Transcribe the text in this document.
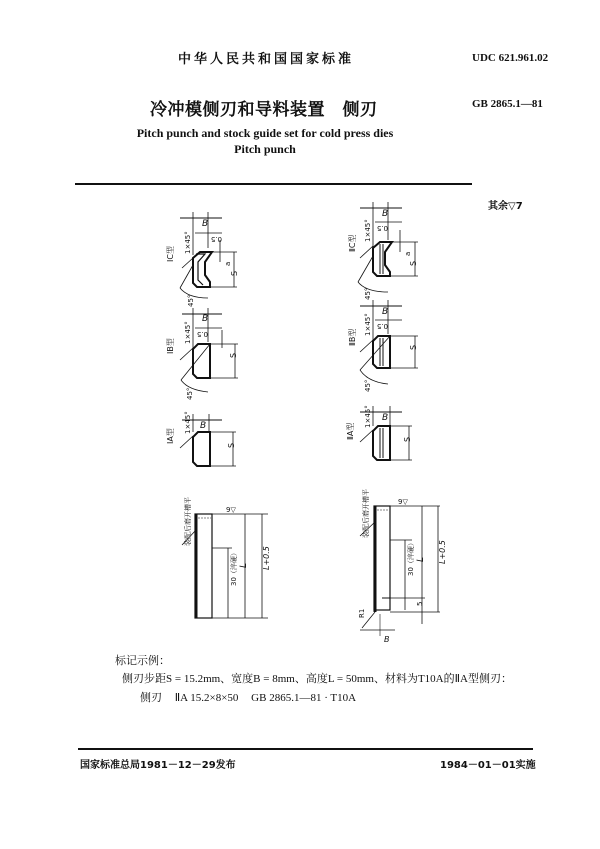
中华人民共和国国家标准	UDC 621.961.02
冷冲模侧刃和导料装置　侧刃	GB 2865.1—81
Pitch punch and stock guide set for cold press dies
Pitch punch
其余▽7
B
0.5
a
S
1×45°
45°
IC型
B
0.5
a
S
1×45°
45°
ⅡC型
B
0.5
S
1×45°
45°
IB型
B
0.5
S
1×45°
45°
ⅡB型
B
S
1×45°
IA型
B
S
1×45°
ⅡA型
9▽
装配后磨开槽平
30（淬硬） L L+0.5
9▽
装配后磨开槽平
30（淬硬） L L+0.5
5
R1
B
标记示例：
侧刃步距S = 15.2mm、宽度B = 8mm、高度L = 50mm、材料为T10A的ⅡA型侧刃：
侧刃 ⅡA 15.2×8×50 GB 2865.1—81 · T10A
国家标准总局1981－12－29发布	1984－01－01实施
